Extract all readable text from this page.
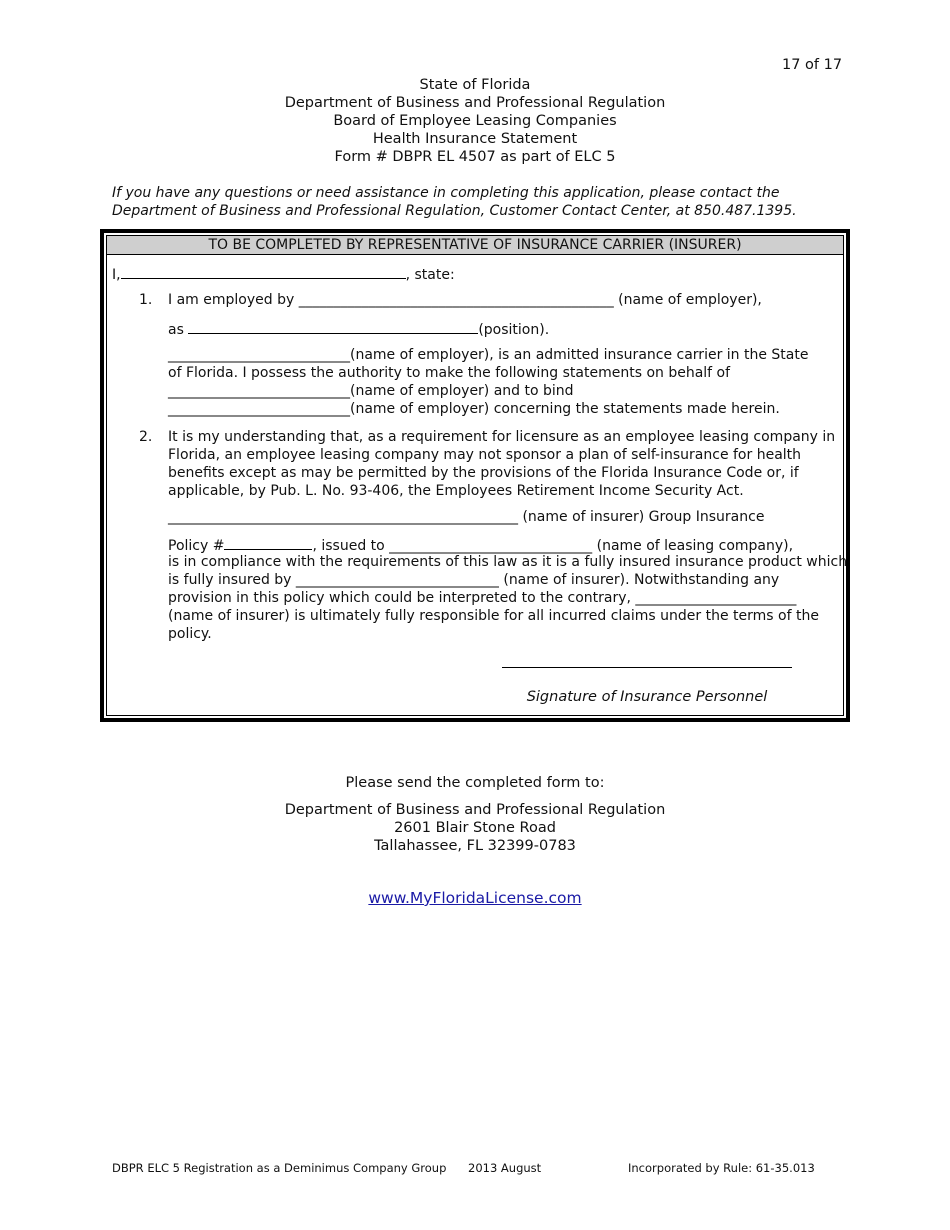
17 of 17
State of Florida
Department of Business and Professional Regulation
Board of Employee Leasing Companies
Health Insurance Statement
Form # DBPR EL 4507 as part of ELC 5
If you have any questions or need assistance in completing this application, please contact the
Department of Business and Professional Regulation, Customer Contact Center, at 850.487.1395.
TO BE COMPLETED BY REPRESENTATIVE OF INSURANCE CARRIER (INSURER)
I,	, state:
1. I am employed by _____________________________________________ (name of employer),
as	(position).
__________________________(name of employer), is an admitted insurance carrier in the State
of Florida. I possess the authority to make the following statements on behalf of
__________________________(name of employer) and to bind
__________________________(name of employer) concerning the statements made herein.
2. It is my understanding that, as a requirement for licensure as an employee leasing company in
Florida, an employee leasing company may not sponsor a plan of self-insurance for health
benefits except as may be permitted by the provisions of the Florida Insurance Code or, if
applicable, by Pub. L. No. 93-406, the Employees Retirement Income Security Act.
__________________________________________________ (name of insurer) Group Insurance
Policy #	, issued to _____________________________ (name of leasing company),
is in compliance with the requirements of this law as it is a fully insured insurance product which
is fully insured by _____________________________ (name of insurer). Notwithstanding any
provision in this policy which could be interpreted to the contrary, _______________________
(name of insurer) is ultimately fully responsible for all incurred claims under the terms of the
policy.
Signature of Insurance Personnel
Please send the completed form to:
Department of Business and Professional Regulation
2601 Blair Stone Road
Tallahassee, FL 32399-0783
www.MyFloridaLicense.com
DBPR ELC 5 Registration as a Deminimus Company Group 2013 August	Incorporated by Rule: 61-35.013
